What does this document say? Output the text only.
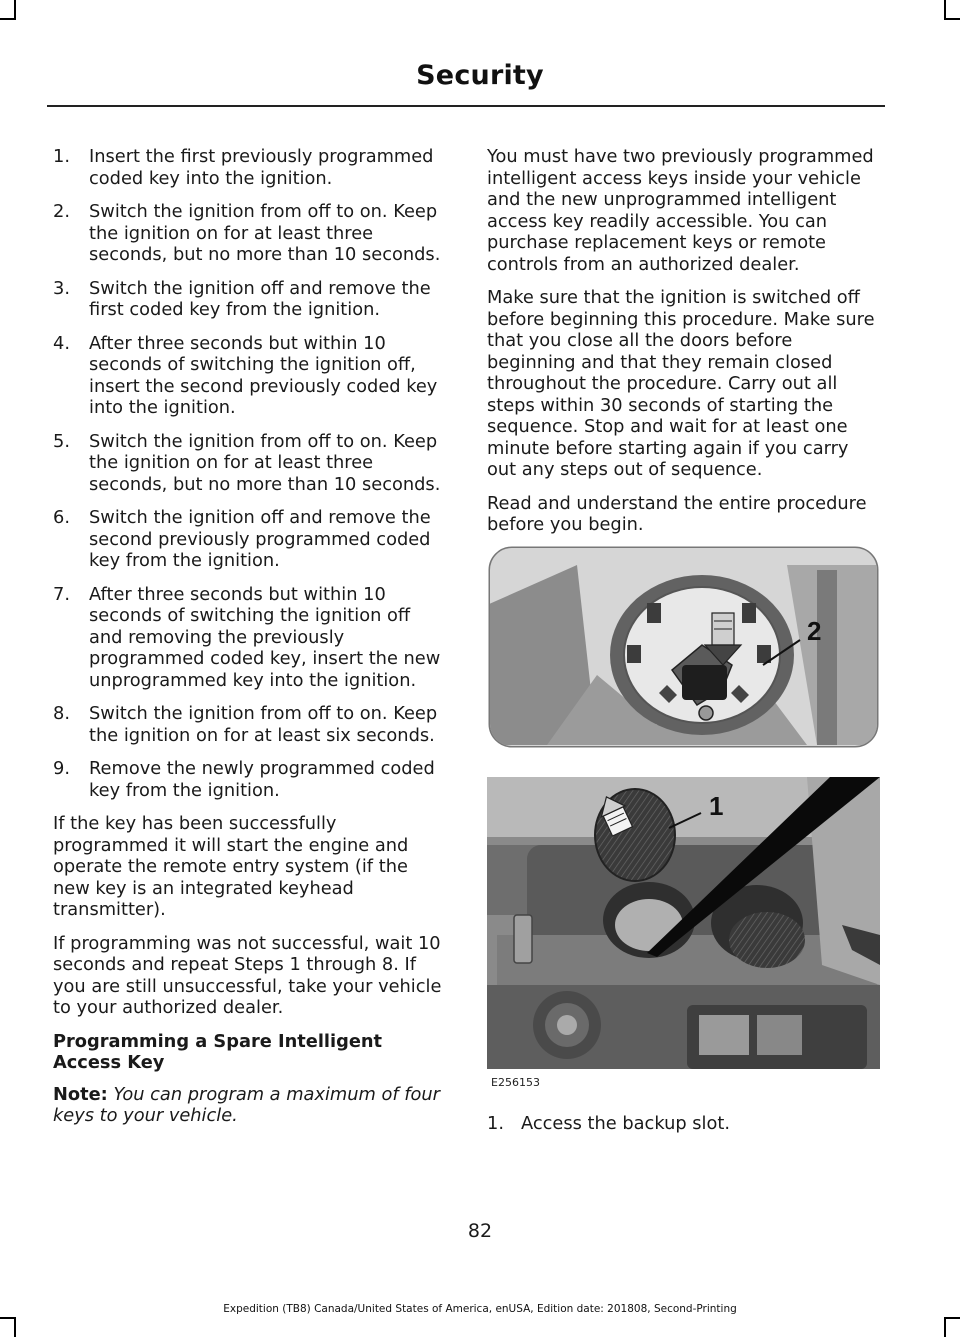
Security
1. Insert the first previously programmed coded key into the ignition.
2. Switch the ignition from off to on. Keep the ignition on for at least three seconds, but no more than 10 seconds.
3. Switch the ignition off and remove the first coded key from the ignition.
4. After three seconds but within 10 seconds of switching the ignition off, insert the second previously coded key into the ignition.
5. Switch the ignition from off to on. Keep the ignition on for at least three seconds, but no more than 10 seconds.
6. Switch the ignition off and remove the second previously programmed coded key from the ignition.
7. After three seconds but within 10 seconds of switching the ignition off and removing the previously programmed coded key, insert the new unprogrammed key into the ignition.
8. Switch the ignition from off to on. Keep the ignition on for at least six seconds.
9. Remove the newly programmed coded key from the ignition.

If the key has been successfully programmed it will start the engine and operate the remote entry system (if the new key is an integrated keyhead transmitter).

If programming was not successful, wait 10 seconds and repeat Steps 1 through 8. If you are still unsuccessful, take your vehicle to your authorized dealer.

Programming a Spare Intelligent Access Key

Note: You can program a maximum of four keys to your vehicle.

You must have two previously programmed intelligent access keys inside your vehicle and the new unprogrammed intelligent access key readily accessible. You can purchase replacement keys or remote controls from an authorized dealer.

Make sure that the ignition is switched off before beginning this procedure. Make sure that you close all the doors before beginning and that they remain closed throughout the procedure. Carry out all steps within 30 seconds of starting the sequence. Stop and wait for at least one minute before starting again if you carry out any steps out of sequence.

Read and understand the entire procedure before you begin.

2
1
E256153
1. Access the backup slot.
82
Expedition (TB8) Canada/United States of America, enUSA, Edition date: 201808, Second-Printing
